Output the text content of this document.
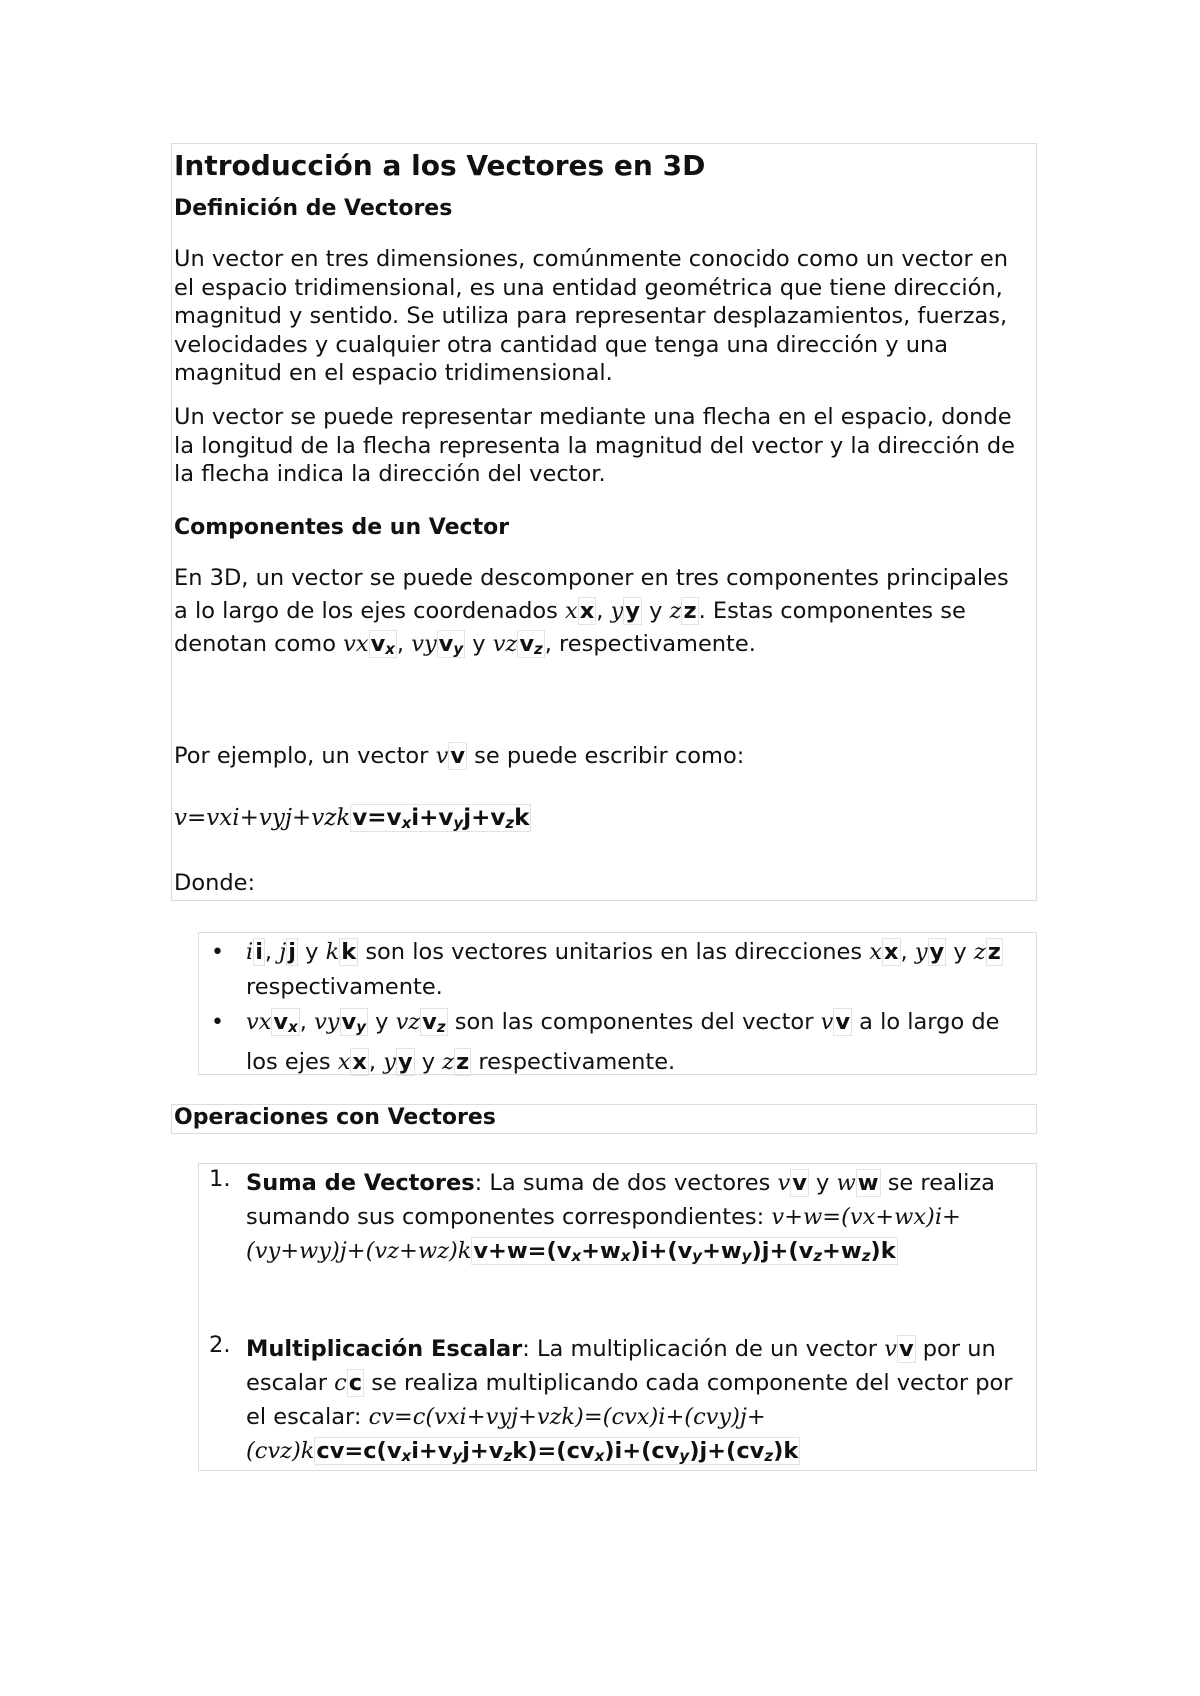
Introducción a los Vectores en 3D
Definición de Vectores
Un vector en tres dimensiones, comúnmente conocido como un vector en el espacio tridimensional, es una entidad geométrica que tiene dirección, magnitud y sentido. Se utiliza para representar desplazamientos, fuerzas, velocidades y cualquier otra cantidad que tenga una dirección y una magnitud en el espacio tridimensional.
Un vector se puede representar mediante una flecha en el espacio, donde la longitud de la flecha representa la magnitud del vector y la dirección de la flecha indica la dirección del vector.
Componentes de un Vector
En 3D, un vector se puede descomponer en tres componentes principales a lo largo de los ejes coordenados xx, yy y zz. Estas componentes se denotan como vxv$_x$, vyv$_y$ y vzv$_z$, respectivamente.
Por ejemplo, un vector vv se puede escribir como:
$v=vxi+vyj+vzkv=v_xi+v_yj+v_zk$
Donde:
• ii, jj y kk son los vectores unitarios en las direcciones xx, yy y zz respectivamente.
• vxv$_x$, vyv$_y$ y vzv$_z$ son las componentes del vector vv a lo largo de los ejes xx, yy y zz respectivamente.
Operaciones con Vectores
1. Suma de Vectores: La suma de dos vectores vv y ww se realiza sumando sus componentes correspondientes: $v+w=(vx+wx)i+(vy+wy)j+(vz+wz)kv+w=(v_x+w_x)i+(v_y+w_y)j+(v_z+w_z)k$
2. Multiplicación Escalar: La multiplicación de un vector vv por un escalar cc se realiza multiplicando cada componente del vector por el escalar: $cv=c(vxi+vyj+vzk)=(cvx)i+(cvy)j+(cvz)kcv=c(v_xi+v_yj+v_zk)=(cv_x)i+(cv_y)j+(cv_z)k$
